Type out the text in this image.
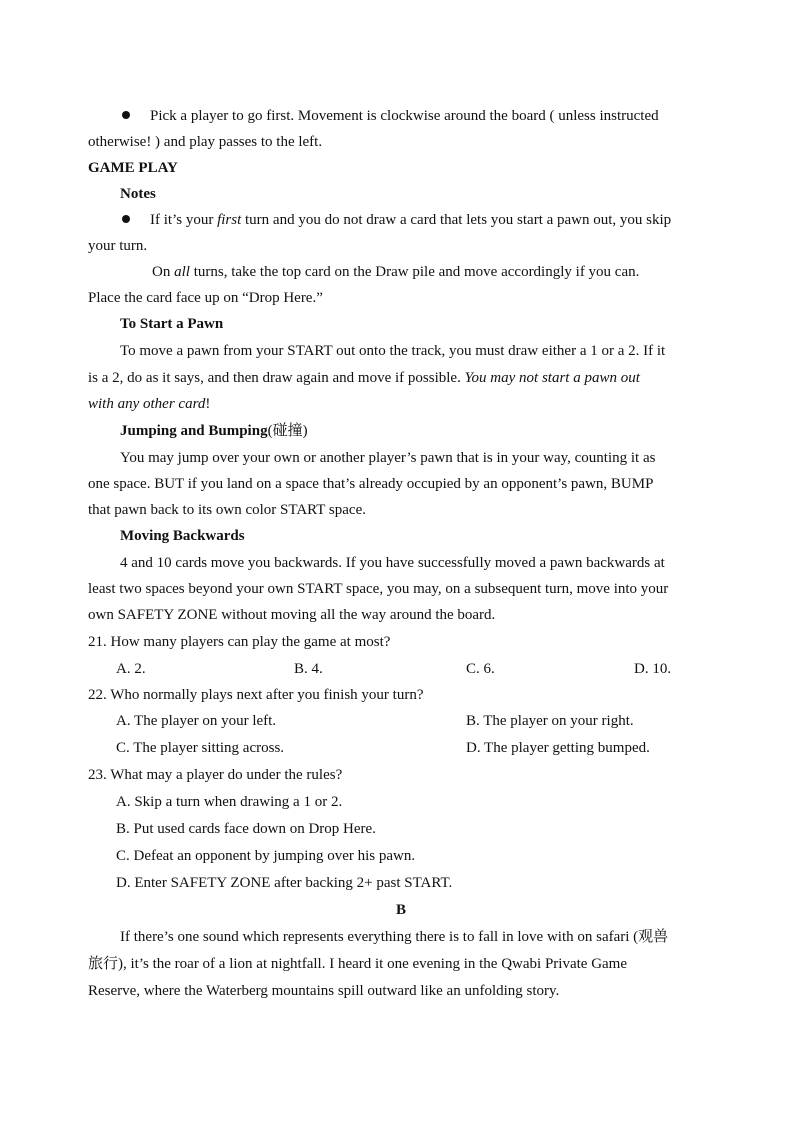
Pick a player to go first. Movement is clockwise around the board ( unless instructed
otherwise! ) and play passes to the left.
GAME PLAY
Notes
If it’s your first turn and you do not draw a card that lets you start a pawn out, you skip
your turn.
On all turns, take the top card on the Draw pile and move accordingly if you can.
Place the card face up on “Drop Here.”
To Start a Pawn
To move a pawn from your START out onto the track, you must draw either a 1 or a 2. If it
is a 2, do as it says, and then draw again and move if possible. You may not start a pawn out
with any other card!
Jumping and Bumping(碰撞)
You may jump over your own or another player’s pawn that is in your way, counting it as
one space. BUT if you land on a space that’s already occupied by an opponent’s pawn, BUMP
that pawn back to its own color START space.
Moving Backwards
4 and 10 cards move you backwards. If you have successfully moved a pawn backwards at
least two spaces beyond your own START space, you may, on a subsequent turn, move into your
own SAFETY ZONE without moving all the way around the board.
21. How many players can play the game at most?
A. 2.	B. 4.	C. 6.	D. 10.
22. Who normally plays next after you finish your turn?
A. The player on your left.	B. The player on your right.
C. The player sitting across.	D. The player getting bumped.
23. What may a player do under the rules?
A. Skip a turn when drawing a 1 or 2.
B. Put used cards face down on Drop Here.
C. Defeat an opponent by jumping over his pawn.
D. Enter SAFETY ZONE after backing 2+ past START.
B
If there’s one sound which represents everything there is to fall in love with on safari (观兽
旅行), it’s the roar of a lion at nightfall. I heard it one evening in the Qwabi Private Game
Reserve, where the Waterberg mountains spill outward like an unfolding story.
